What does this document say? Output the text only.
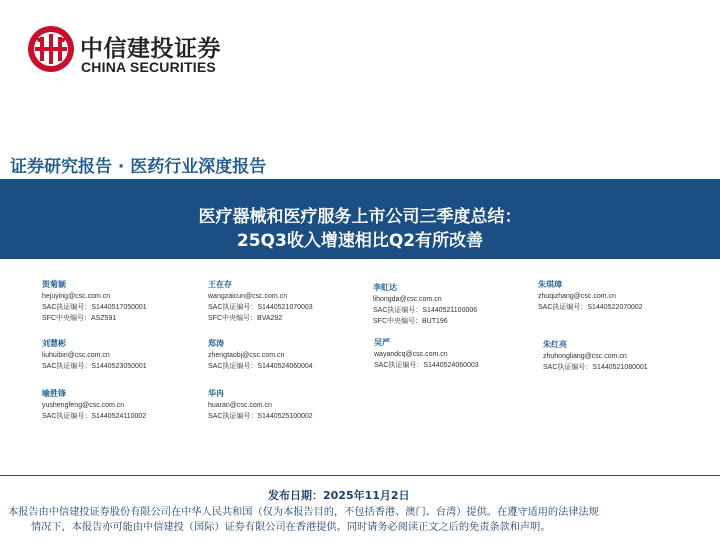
中信建投证券
CHINA SECURITIES
证券研究报告 · 医药行业深度报告
医疗器械和医疗服务上市公司三季度总结：
25Q3收入增速相比Q2有所改善
贺菊颖
hejuying@csc.com.cn
SAC执证编号：S1440517050001
SFC中央编号：ASZ591
王在存
wangzaicun@csc.com.cn
SAC执证编号：S1440521070003
SFC中央编号：BVA292
李虹达
lihongda@csc.com.cn
SAC执证编号：S1440521100006
SFC中央编号：BUT196
朱琪璋
zhuqizhang@csc.com.cn
SAC执证编号：S1440522070002
刘慧彬
liuhuibin@csc.com.cn
SAC执证编号：S1440523050001
郑涛
zhengtaobj@csc.com.cn
SAC执证编号：S1440524060004
吴严
wayandcq@csc.com.cn
SAC执证编号：S1440524060003
朱红亮
zhuhongliang@csc.com.cn
SAC执证编号：S1440521080001
喻胜锋
yushengfeng@csc.com.cn
SAC执证编号：S1440524110002
华冉
huaran@csc.com.cn
SAC执证编号：S1440525100002
发布日期：2025年11月2日
本报告由中信建投证券股份有限公司在中华人民共和国（仅为本报告目的，不包括香港、澳门、台湾）提供。在遵守适用的法律法规
情况下，本报告亦可能由中信建投（国际）证券有限公司在香港提供。同时请务必阅读正文之后的免责条款和声明。
